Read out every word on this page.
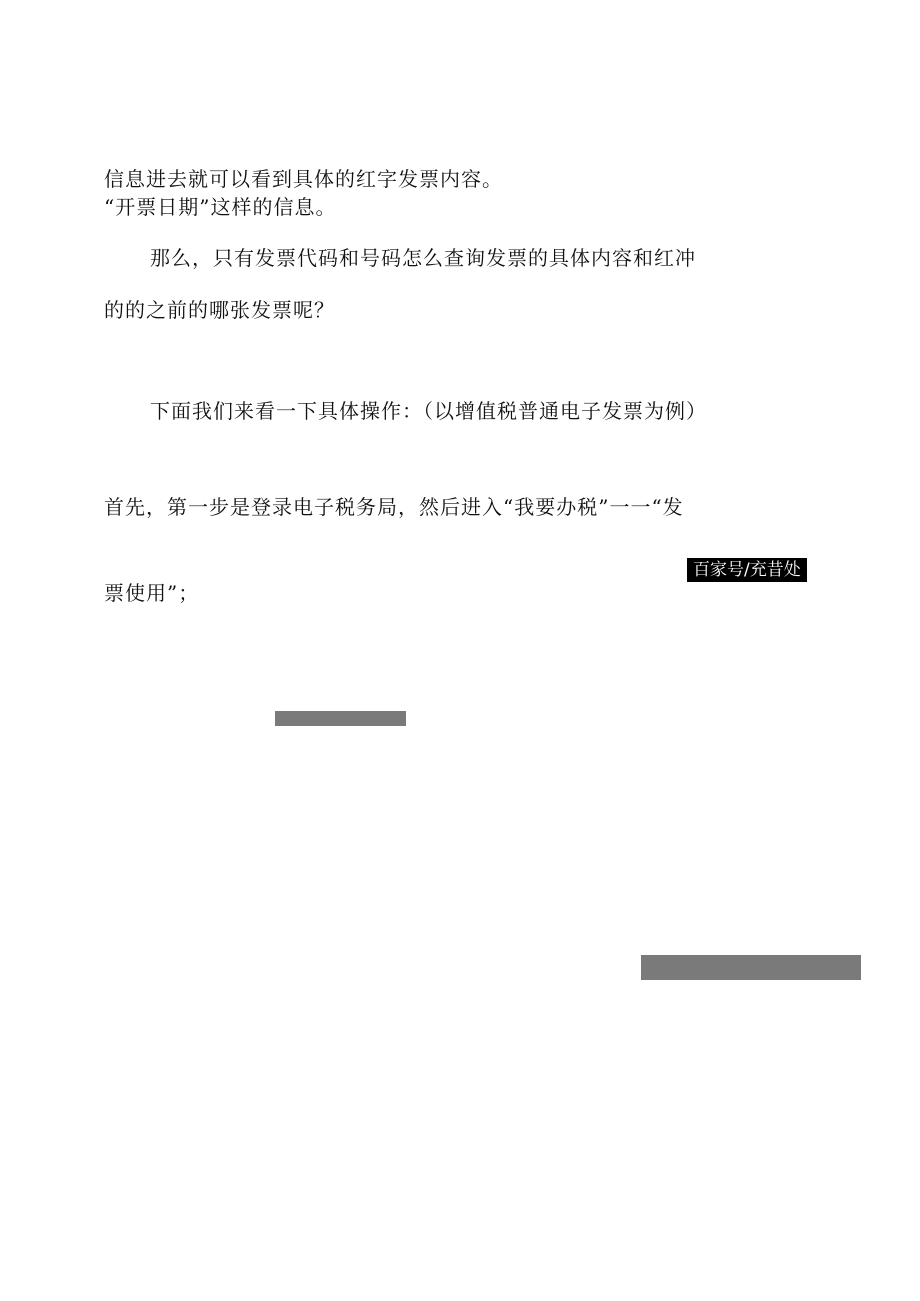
信息进去就可以看到具体的红字发票内容。
“开票日期”这样的信息。
那么，只有发票代码和号码怎么查询发票的具体内容和红冲
的的之前的哪张发票呢？
下面我们来看一下具体操作：（以增值税普通电子发票为例）
首先，第一步是登录电子税务局，然后进入“我要办税”一一“发
票使用”；
百家号/充昔处
